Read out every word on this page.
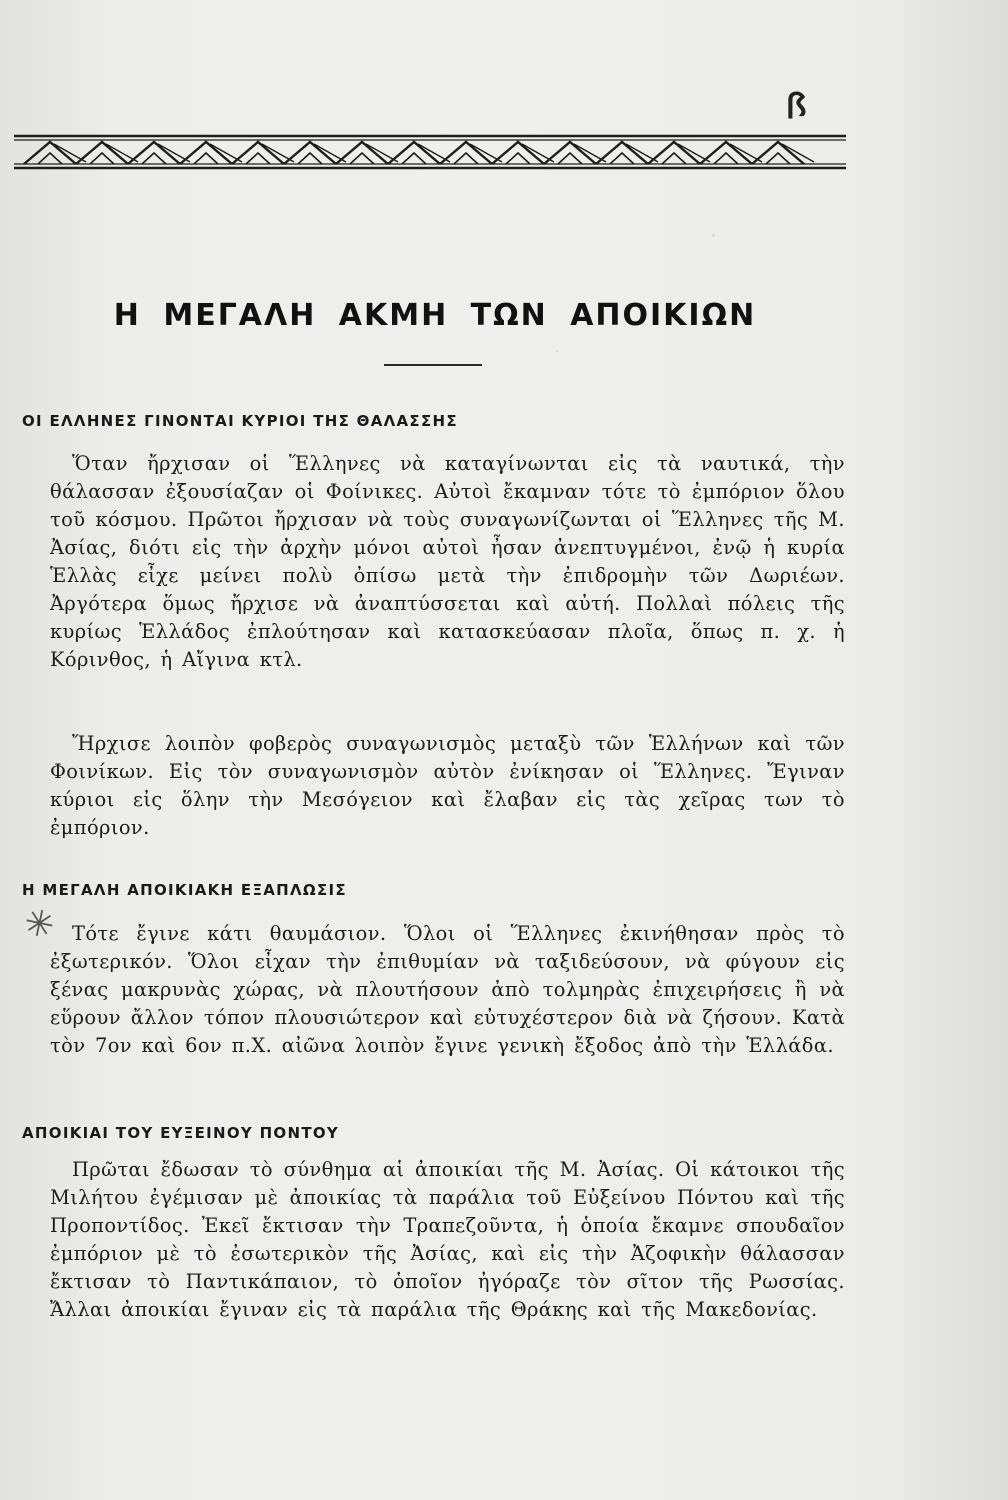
ꟗ
Η ΜΕΓΑΛΗ ΑΚΜΗ ΤΩΝ ΑΠΟΙΚΙΩΝ
ΟΙ ΕΛΛΗΝΕΣ ΓΙΝΟΝΤΑΙ ΚΥΡΙΟΙ ΤΗΣ ΘΑΛΑΣΣΗΣ
Ὅταν ἤρχισαν οἱ Ἕλληνες νὰ καταγίνωνται εἰς τὰ ναυτικά, τὴν θάλασσαν ἐξουσίαζαν οἱ Φοίνικες. Αὐτοὶ ἔκαμναν τότε τὸ ἐμπόριον ὅλου τοῦ κόσμου. Πρῶτοι ἤρχισαν νὰ τοὺς συναγωνίζωνται οἱ Ἕλληνες τῆς Μ. Ἀσίας, διότι εἰς τὴν ἀρχὴν μόνοι αὐτοὶ ἦσαν ἀνεπτυγμένοι, ἐνῷ ἡ κυρία Ἑλλὰς εἶχε μείνει πολὺ ὀπίσω μετὰ τὴν ἐπιδρομὴν τῶν Δωριέων. Ἀργότερα ὅμως ἤρχισε νὰ ἀναπτύσσεται καὶ αὐτή. Πολλαὶ πόλεις τῆς κυρίως Ἑλλάδος ἐπλούτησαν καὶ κατασκεύασαν πλοῖα, ὅπως π. χ. ἡ Κόρινθος, ἡ Αἴγινα κτλ.
Ἤρχισε λοιπὸν φοβερὸς συναγωνισμὸς μεταξὺ τῶν Ἑλλήνων καὶ τῶν Φοινίκων. Εἰς τὸν συναγωνισμὸν αὐτὸν ἐνίκησαν οἱ Ἕλληνες. Ἔγιναν κύριοι εἰς ὅλην τὴν Μεσόγειον καὶ ἔλαβαν εἰς τὰς χεῖρας των τὸ ἐμπόριον.
Η ΜΕΓΑΛΗ ΑΠΟΙΚΙΑΚΗ ΕΞΑΠΛΩΣΙΣ
✳ Τότε ἔγινε κάτι θαυμάσιον. Ὅλοι οἱ Ἕλληνες ἐκινήθησαν πρὸς τὸ ἐξωτερικόν. Ὅλοι εἶχαν τὴν ἐπιθυμίαν νὰ ταξιδεύσουν, νὰ φύγουν εἰς ξένας μακρυνὰς χώρας, νὰ πλουτήσουν ἀπὸ τολμηρὰς ἐπιχειρήσεις ἢ νὰ εὕρουν ἄλλον τόπον πλουσιώτερον καὶ εὐτυχέστερον διὰ νὰ ζήσουν. Κατὰ τὸν 7ον καὶ 6ον π.Χ. αἰῶνα λοιπὸν ἔγινε γενικὴ ἔξοδος ἀπὸ τὴν Ἑλλάδα.
ΑΠΟΙΚΙΑΙ ΤΟΥ ΕΥΞΕΙΝΟΥ ΠΟΝΤΟΥ
Πρῶται ἔδωσαν τὸ σύνθημα αἱ ἀποικίαι τῆς Μ. Ἀσίας. Οἱ κάτοικοι τῆς Μιλήτου ἐγέμισαν μὲ ἀποικίας τὰ παράλια τοῦ Εὐξείνου Πόντου καὶ τῆς Προποντίδος. Ἐκεῖ ἔκτισαν τὴν Τραπεζοῦντα, ἡ ὁποία ἔκαμνε σπουδαῖον ἐμπόριον μὲ τὸ ἐσωτερικὸν τῆς Ἀσίας, καὶ εἰς τὴν Ἀζοφικὴν θάλασσαν ἔκτισαν τὸ Παντικάπαιον, τὸ ὁποῖον ἠγόραζε τὸν σῖτον τῆς Ρωσσίας. Ἄλλαι ἀποικίαι ἔγιναν εἰς τὰ παράλια τῆς Θράκης καὶ τῆς Μακεδονίας.
